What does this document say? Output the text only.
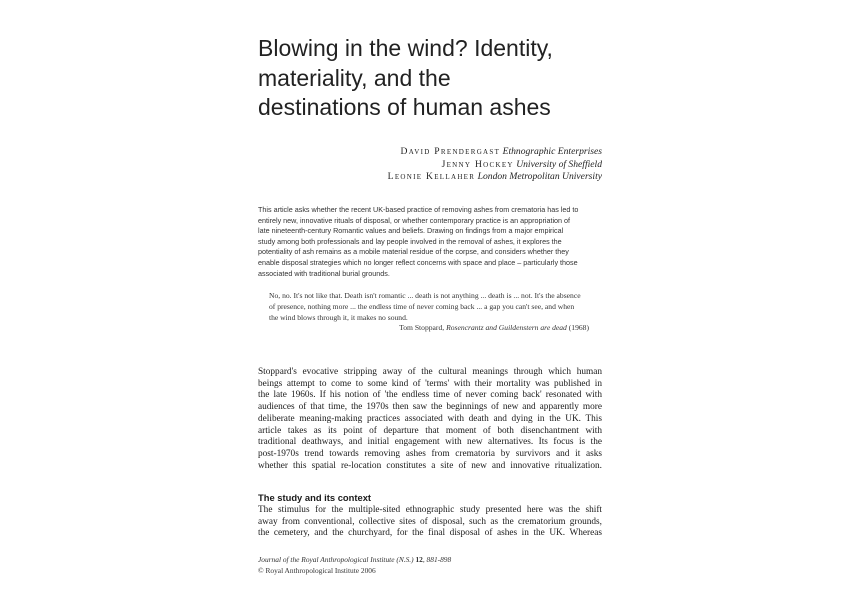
Blowing in the wind? Identity,
materiality, and the
destinations of human ashes
David Prendergast Ethnographic Enterprises
Jenny Hockey University of Sheffield
Leonie Kellaher London Metropolitan University
This article asks whether the recent UK-based practice of removing ashes from crematoria has led to
entirely new, innovative rituals of disposal, or whether contemporary practice is an appropriation of
late nineteenth-century Romantic values and beliefs. Drawing on findings from a major empirical
study among both professionals and lay people involved in the removal of ashes, it explores the
potentiality of ash remains as a mobile material residue of the corpse, and considers whether they
enable disposal strategies which no longer reflect concerns with space and place – particularly those
associated with traditional burial grounds.
No, no. It's not like that. Death isn't romantic ... death is not anything ... death is ... not. It's the absence
of presence, nothing more ... the endless time of never coming back ... a gap you can't see, and when
the wind blows through it, it makes no sound.
Tom Stoppard, Rosencrantz and Guildenstern are dead (1968)
Stoppard's evocative stripping away of the cultural meanings through which human
beings attempt to come to some kind of 'terms' with their mortality was published in
the late 1960s. If his notion of 'the endless time of never coming back' resonated with
audiences of that time, the 1970s then saw the beginnings of new and apparently more
deliberate meaning-making practices associated with death and dying in the UK. This
article takes as its point of departure that moment of both disenchantment with
traditional deathways, and initial engagement with new alternatives. Its focus is the
post-1970s trend towards removing ashes from crematoria by survivors and it asks
whether this spatial re-location constitutes a site of new and innovative ritualization.
The study and its context
The stimulus for the multiple-sited ethnographic study presented here was the shift
away from conventional, collective sites of disposal, such as the crematorium grounds,
the cemetery, and the churchyard, for the final disposal of ashes in the UK. Whereas
Journal of the Royal Anthropological Institute (N.S.) 12, 881-898
© Royal Anthropological Institute 2006
